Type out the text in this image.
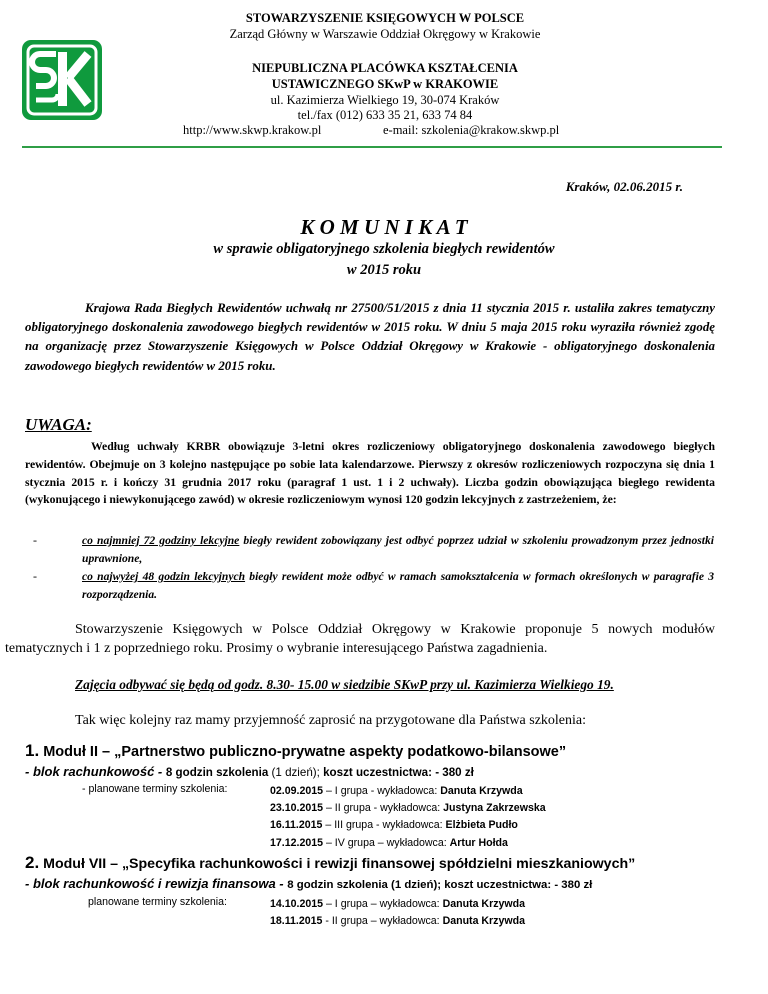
STOWARZYSZENIE KSIĘGOWYCH W POLSCE
Zarząd Główny w Warszawie Oddział Okręgowy w Krakowie
NIEPUBLICZNA PLACÓWKA KSZTAŁCENIA
USTAWICZNEGO SKwP w KRAKOWIE
ul. Kazimierza Wielkiego 19, 30-074 Kraków
tel./fax (012) 633 35 21, 633 74 84
http://www.skwp.krakow.pl	e-mail: szkolenia@krakow.skwp.pl
Kraków, 02.06.2015 r.
K O M U N I K A T
w sprawie obligatoryjnego szkolenia biegłych rewidentów
w 2015 roku
Krajowa Rada Biegłych Rewidentów uchwałą nr 27500/51/2015 z dnia 11 stycznia 2015 r. ustaliła zakres tematyczny obligatoryjnego doskonalenia zawodowego biegłych rewidentów w 2015 roku. W dniu 5 maja 2015 roku wyraziła również zgodę na organizację przez Stowarzyszenie Księgowych w Polsce Oddział Okręgowy w Krakowie - obligatoryjnego doskonalenia zawodowego biegłych rewidentów w 2015 roku.
UWAGA:
Według uchwały KRBR obowiązuje 3-letni okres rozliczeniowy obligatoryjnego doskonalenia zawodowego biegłych rewidentów. Obejmuje on 3 kolejno następujące po sobie lata kalendarzowe. Pierwszy z okresów rozliczeniowych rozpoczyna się dnia 1 stycznia 2015 r. i kończy 31 grudnia 2017 roku (paragraf 1 ust. 1 i 2 uchwały). Liczba godzin obowiązująca biegłego rewidenta (wykonującego i niewykonującego zawód) w okresie rozliczeniowym wynosi 120 godzin lekcyjnych z zastrzeżeniem, że:
-	co najmniej 72 godziny lekcyjne biegły rewident zobowiązany jest odbyć poprzez udział w szkoleniu prowadzonym przez jednostki uprawnione,
-	co najwyżej 48 godzin lekcyjnych biegły rewident może odbyć w ramach samokształcenia w formach określonych w paragrafie 3 rozporządzenia.
Stowarzyszenie Księgowych w Polsce Oddział Okręgowy w Krakowie proponuje 5 nowych modułów tematycznych i 1 z poprzedniego roku. Prosimy o wybranie interesującego Państwa zagadnienia.
Zajęcia odbywać się będą od godz. 8.30- 15.00 w siedzibie SKwP przy ul. Kazimierza Wielkiego 19.
Tak więc kolejny raz mamy przyjemność zaprosić na przygotowane dla Państwa szkolenia:
1. Moduł II – „Partnerstwo publiczno-prywatne aspekty podatkowo-bilansowe”
- blok rachunkowość - 8 godzin szkolenia (1 dzień); koszt uczestnictwa: - 380 zł
- planowane terminy szkolenia:	02.09.2015 – I grupa - wykładowca: Danuta Krzywda
23.10.2015 – II grupa - wykładowca: Justyna Zakrzewska
16.11.2015 – III grupa - wykładowca: Elżbieta Pudło
17.12.2015 – IV grupa – wykładowca: Artur Hołda
2. Moduł VII – „Specyfika rachunkowości i rewizji finansowej spółdzielni mieszkaniowych”
- blok rachunkowość i rewizja finansowa - 8 godzin szkolenia (1 dzień); koszt uczestnictwa: - 380 zł
planowane terminy szkolenia:	14.10.2015 – I grupa – wykładowca: Danuta Krzywda
18.11.2015 - II grupa – wykładowca: Danuta Krzywda
